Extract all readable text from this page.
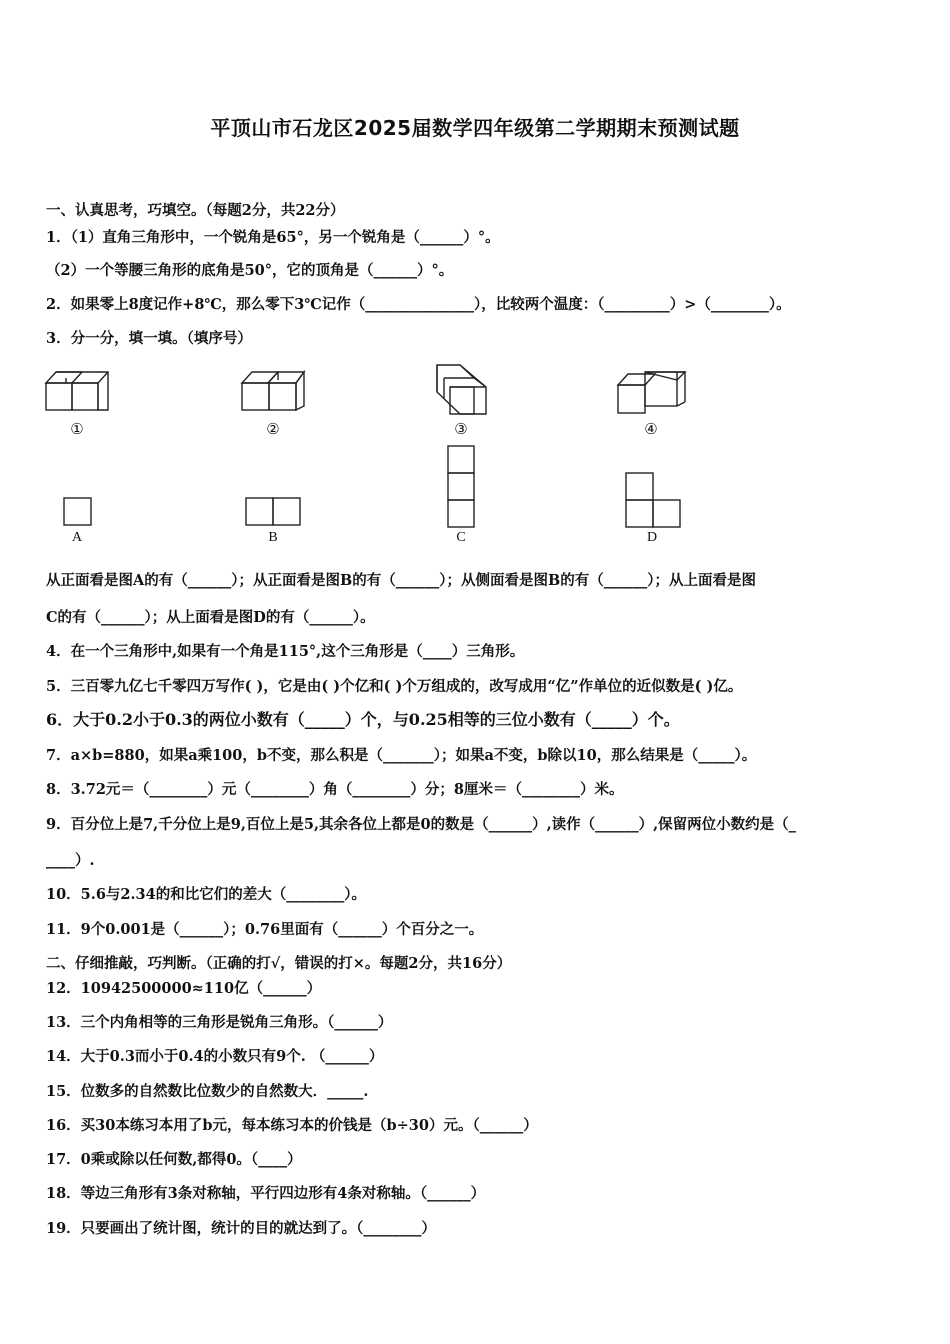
平顶山市石龙区2025届数学四年级第二学期期末预测试题
一、认真思考，巧填空。（每题2分，共22分）
1．（1）直角三角形中，一个锐角是65°，另一个锐角是（______）°。
（2）一个等腰三角形的底角是50°，它的顶角是（______）°。
2．如果零上8度记作+8℃，那么零下3℃记作（_______________），比较两个温度：（_________）>（________）。
3．分一分，填一填。（填序号）
①	②	③	④
A	B	C	D
从正面看是图A的有（______）；从正面看是图B的有（______）；从侧面看是图B的有（______）；从上面看是图
C的有（______）；从上面看是图D的有（______）。
4．在一个三角形中,如果有一个角是115°,这个三角形是（____）三角形。
5．三百零九亿七千零四万写作( )，它是由( )个亿和( )个万组成的，改写成用“亿”作单位的近似数是( )亿。
6．大于0.2小于0.3的两位小数有（_____）个，与0.25相等的三位小数有（_____）个。
7．a×b=880，如果a乘100，b不变，那么积是（_______）；如果a不变，b除以10，那么结果是（_____）。
8．3.72元＝（________）元（________）角（________）分；8厘米＝（________）米。
9．百分位上是7,千分位上是9,百位上是5,其余各位上都是0的数是（______）,读作（______）,保留两位小数约是（_
____）.
10．5.6与2.34的和比它们的差大（________）。
11．9个0.001是（______）；0.76里面有（______）个百分之一。
二、仔细推敲，巧判断。（正确的打√，错误的打×。每题2分，共16分）
12．10942500000≈110亿（______）
13．三个内角相等的三角形是锐角三角形。（______）
14．大于0.3而小于0.4的小数只有9个. （______）
15．位数多的自然数比位数少的自然数大．_____.
16．买30本练习本用了b元，每本练习本的价钱是（b÷30）元。（______）
17．0乘或除以任何数,都得0。（____）
18．等边三角形有3条对称轴，平行四边形有4条对称轴。（______）
19．只要画出了统计图，统计的目的就达到了。（________）
